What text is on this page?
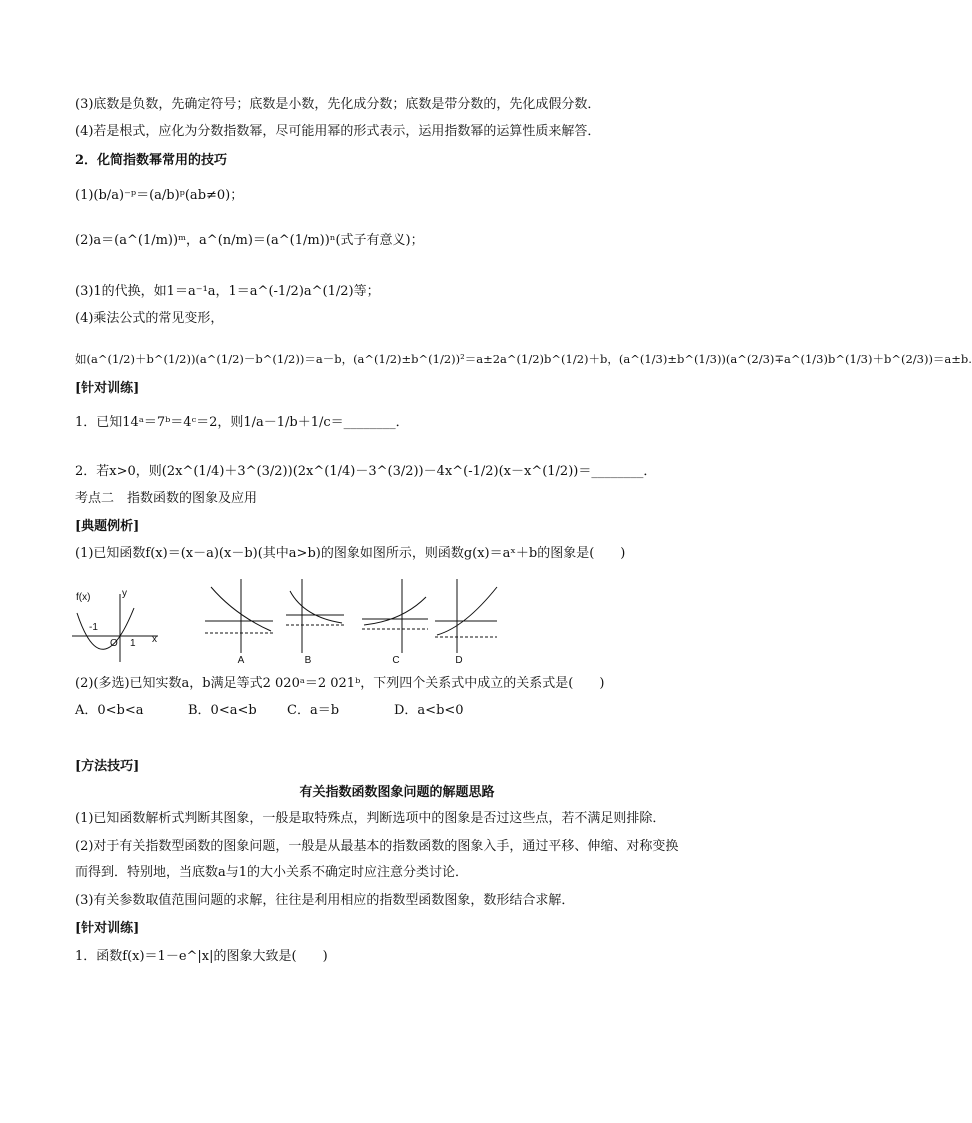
(3)底数是负数，先确定符号；底数是小数，先化成分数；底数是带分数的，先化成假分数．
(4)若是根式，应化为分数指数幂，尽可能用幂的形式表示，运用指数幂的运算性质来解答．
2．化简指数幂常用的技巧
(1)(b/a)⁻ᵖ＝(a/b)ᵖ(ab≠0)；
(2)a＝(a^(1/m))ᵐ，a^(n/m)＝(a^(1/m))ⁿ(式子有意义)；
(3)1的代换，如1＝a⁻¹a，1＝a^(-1/2)a^(1/2)等；
(4)乘法公式的常见变形，
如(a^(1/2)＋b^(1/2))(a^(1/2)－b^(1/2))＝a－b，(a^(1/2)±b^(1/2))²＝a±2a^(1/2)b^(1/2)＋b，(a^(1/3)±b^(1/3))(a^(2/3)∓a^(1/3)b^(1/3)＋b^(2/3))＝a±b.
[针对训练]
1．已知14ᵃ＝7ᵇ＝4ᶜ＝2，则1/a－1/b＋1/c＝________．
2．若x>0，则(2x^(1/4)＋3^(3/2))(2x^(1/4)－3^(3/2))－4x^(-1/2)(x－x^(1/2))＝________．
考点二　指数函数的图象及应用
[典题例析]
(1)已知函数f(x)＝(x－a)(x－b)(其中a>b)的图象如图所示，则函数g(x)＝aˣ＋b的图象是(　　)
f(x)	y
x
-1
O 1
A	B	C	D
(2)(多选)已知实数a，b满足等式2 020ᵃ＝2 021ᵇ，下列四个关系式中成立的关系式是(　　)
A．0<b<a	B．0<a<b C．a＝b	D．a<b<0
[方法技巧]
有关指数函数图象问题的解题思路
(1)已知函数解析式判断其图象，一般是取特殊点，判断选项中的图象是否过这些点，若不满足则排除．
(2)对于有关指数型函数的图象问题，一般是从最基本的指数函数的图象入手，通过平移、伸缩、对称变换
而得到．特别地，当底数a与1的大小关系不确定时应注意分类讨论．
(3)有关参数取值范围问题的求解，往往是利用相应的指数型函数图象，数形结合求解．
[针对训练]
1．函数f(x)＝1－e^|x|的图象大致是(　　)
